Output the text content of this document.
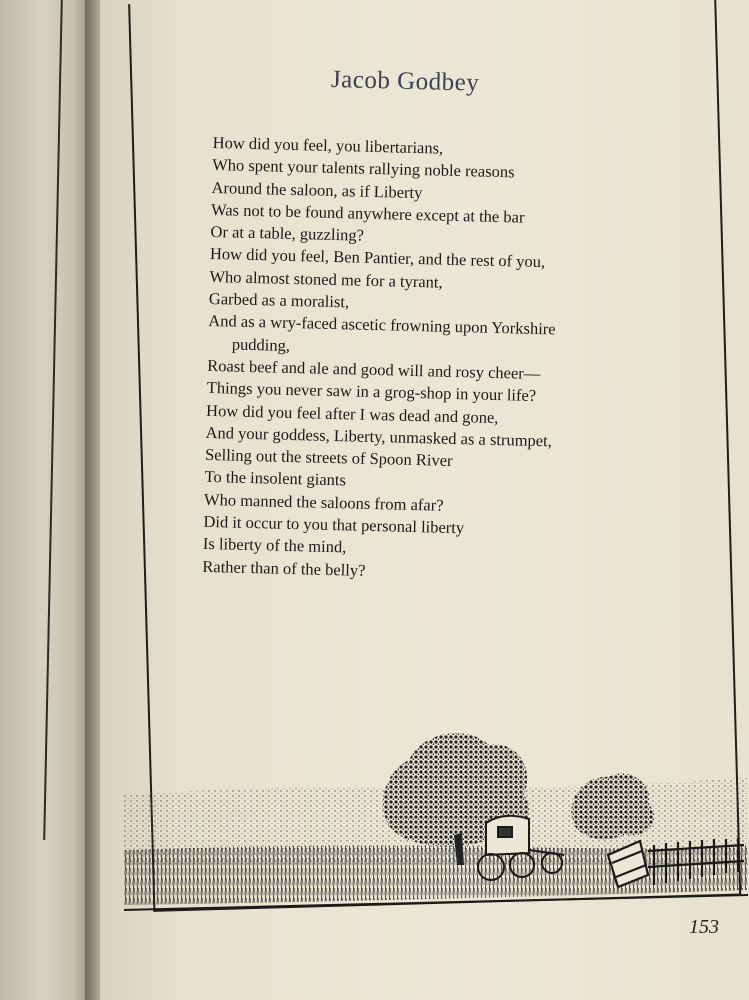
Jacob Godbey
How did you feel, you libertarians,
Who spent your talents rallying noble reasons
Around the saloon, as if Liberty
Was not to be found anywhere except at the bar
Or at a table, guzzling?
How did you feel, Ben Pantier, and the rest of you,
Who almost stoned me for a tyrant,
Garbed as a moralist,
And as a wry-faced ascetic frowning upon Yorkshire
pudding,
Roast beef and ale and good will and rosy cheer—
Things you never saw in a grog-shop in your life?
How did you feel after I was dead and gone,
And your goddess, Liberty, unmasked as a strumpet,
Selling out the streets of Spoon River
To the insolent giants
Who manned the saloons from afar?
Did it occur to you that personal liberty
Is liberty of the mind,
Rather than of the belly?
153
